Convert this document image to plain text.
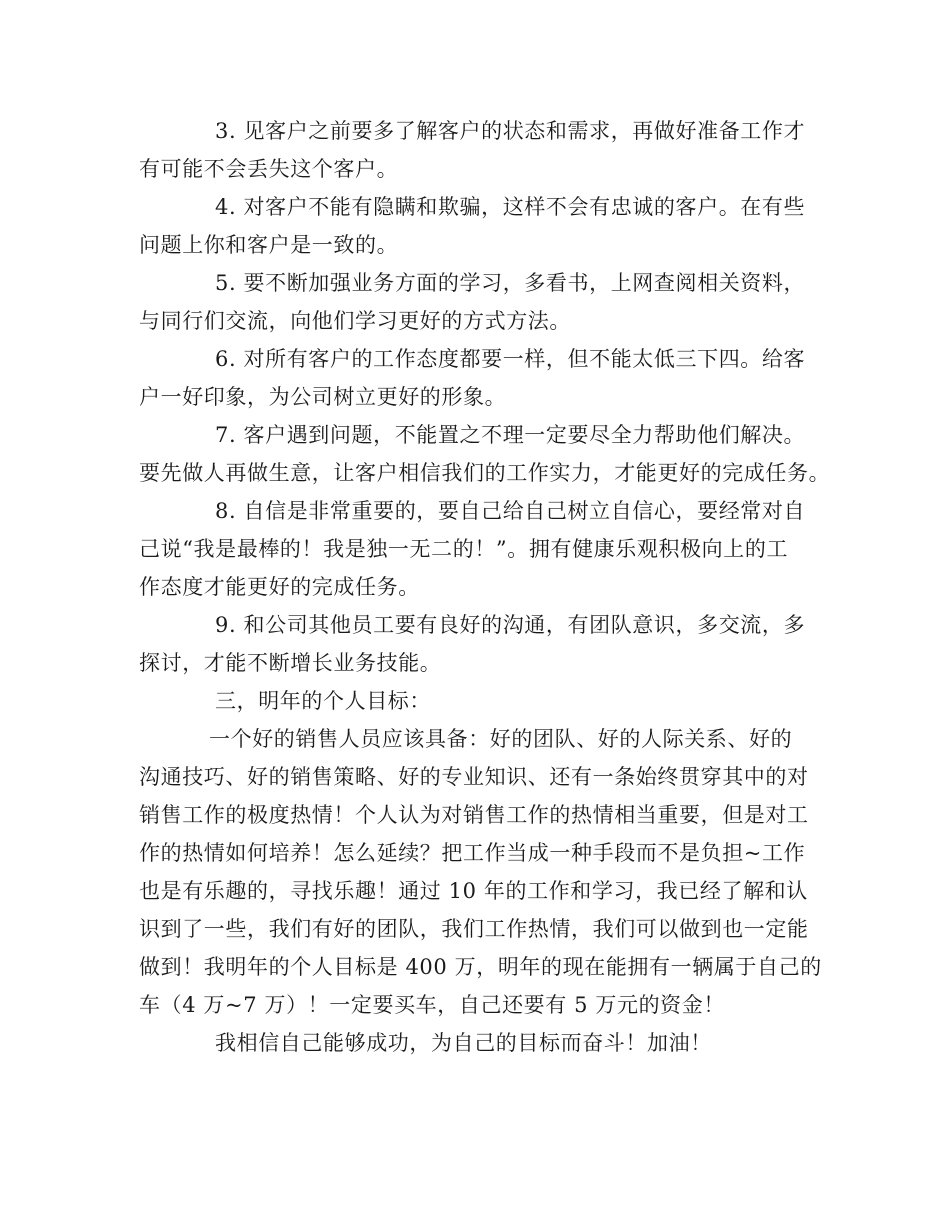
3. 见客户之前要多了解客户的状态和需求，再做好准备工作才
有可能不会丢失这个客户。
4. 对客户不能有隐瞒和欺骗，这样不会有忠诚的客户。在有些
问题上你和客户是一致的。
5. 要不断加强业务方面的学习，多看书，上网查阅相关资料，
与同行们交流，向他们学习更好的方式方法。
6. 对所有客户的工作态度都要一样，但不能太低三下四。给客
户一好印象，为公司树立更好的形象。
7. 客户遇到问题，不能置之不理一定要尽全力帮助他们解决。
要先做人再做生意，让客户相信我们的工作实力，才能更好的完成任务。
8. 自信是非常重要的，要自己给自己树立自信心，要经常对自
己说“我是最棒的！我是独一无二的！”。拥有健康乐观积极向上的工
作态度才能更好的完成任务。
9. 和公司其他员工要有良好的沟通，有团队意识，多交流，多
探讨，才能不断增长业务技能。
三，明年的个人目标：
一个好的销售人员应该具备：好的团队、好的人际关系、好的
沟通技巧、好的销售策略、好的专业知识、还有一条始终贯穿其中的对
销售工作的极度热情！个人认为对销售工作的热情相当重要，但是对工
作的热情如何培养！怎么延续？把工作当成一种手段而不是负担~工作
也是有乐趣的，寻找乐趣！通过 10 年的工作和学习，我已经了解和认
识到了一些，我们有好的团队，我们工作热情，我们可以做到也一定能
做到！我明年的个人目标是 400 万，明年的现在能拥有一辆属于自己的
车（4 万~7 万）！一定要买车，自己还要有 5 万元的资金！
我相信自己能够成功，为自己的目标而奋斗！加油！
